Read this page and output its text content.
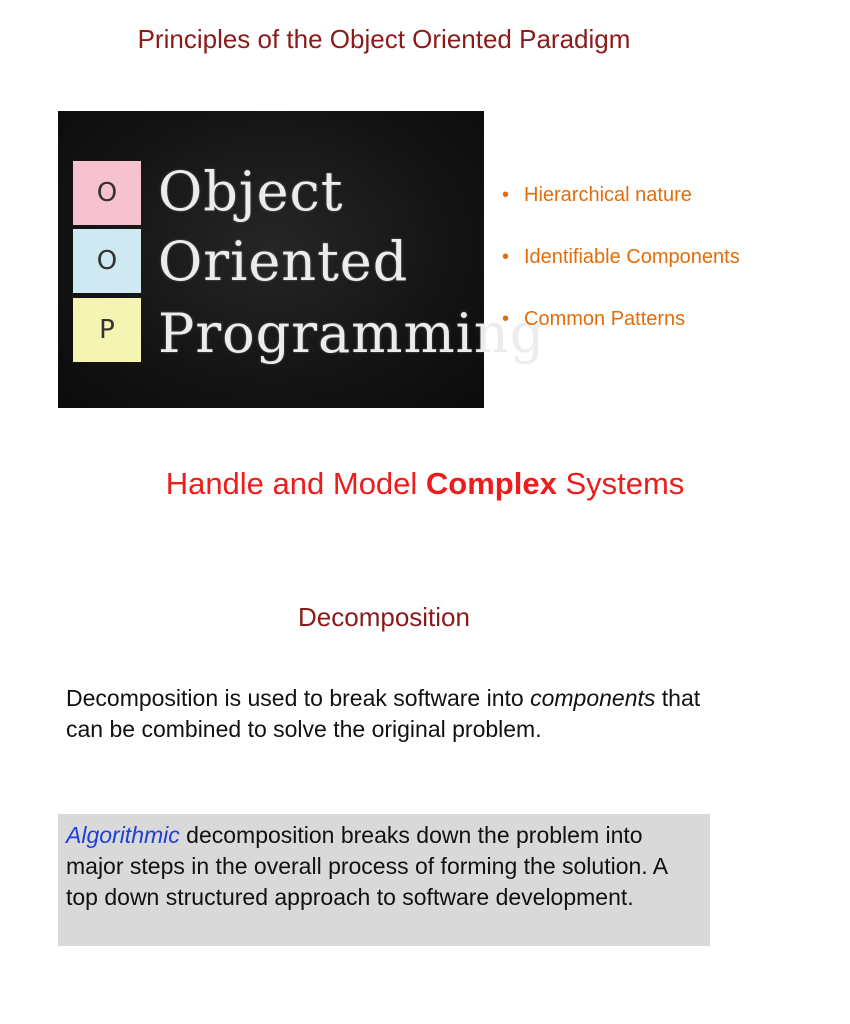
Principles of the Object Oriented Paradigm
O
O
P
Object
Oriented
Programming
• Hierarchical nature
• Identifiable Components
• Common Patterns
Handle and Model Complex Systems
Decomposition

Decomposition is used to break software into components that can be combined to solve the original problem.

Algorithmic decomposition breaks down the problem into major steps in the overall process of forming the solution. A top down structured approach to software development.
